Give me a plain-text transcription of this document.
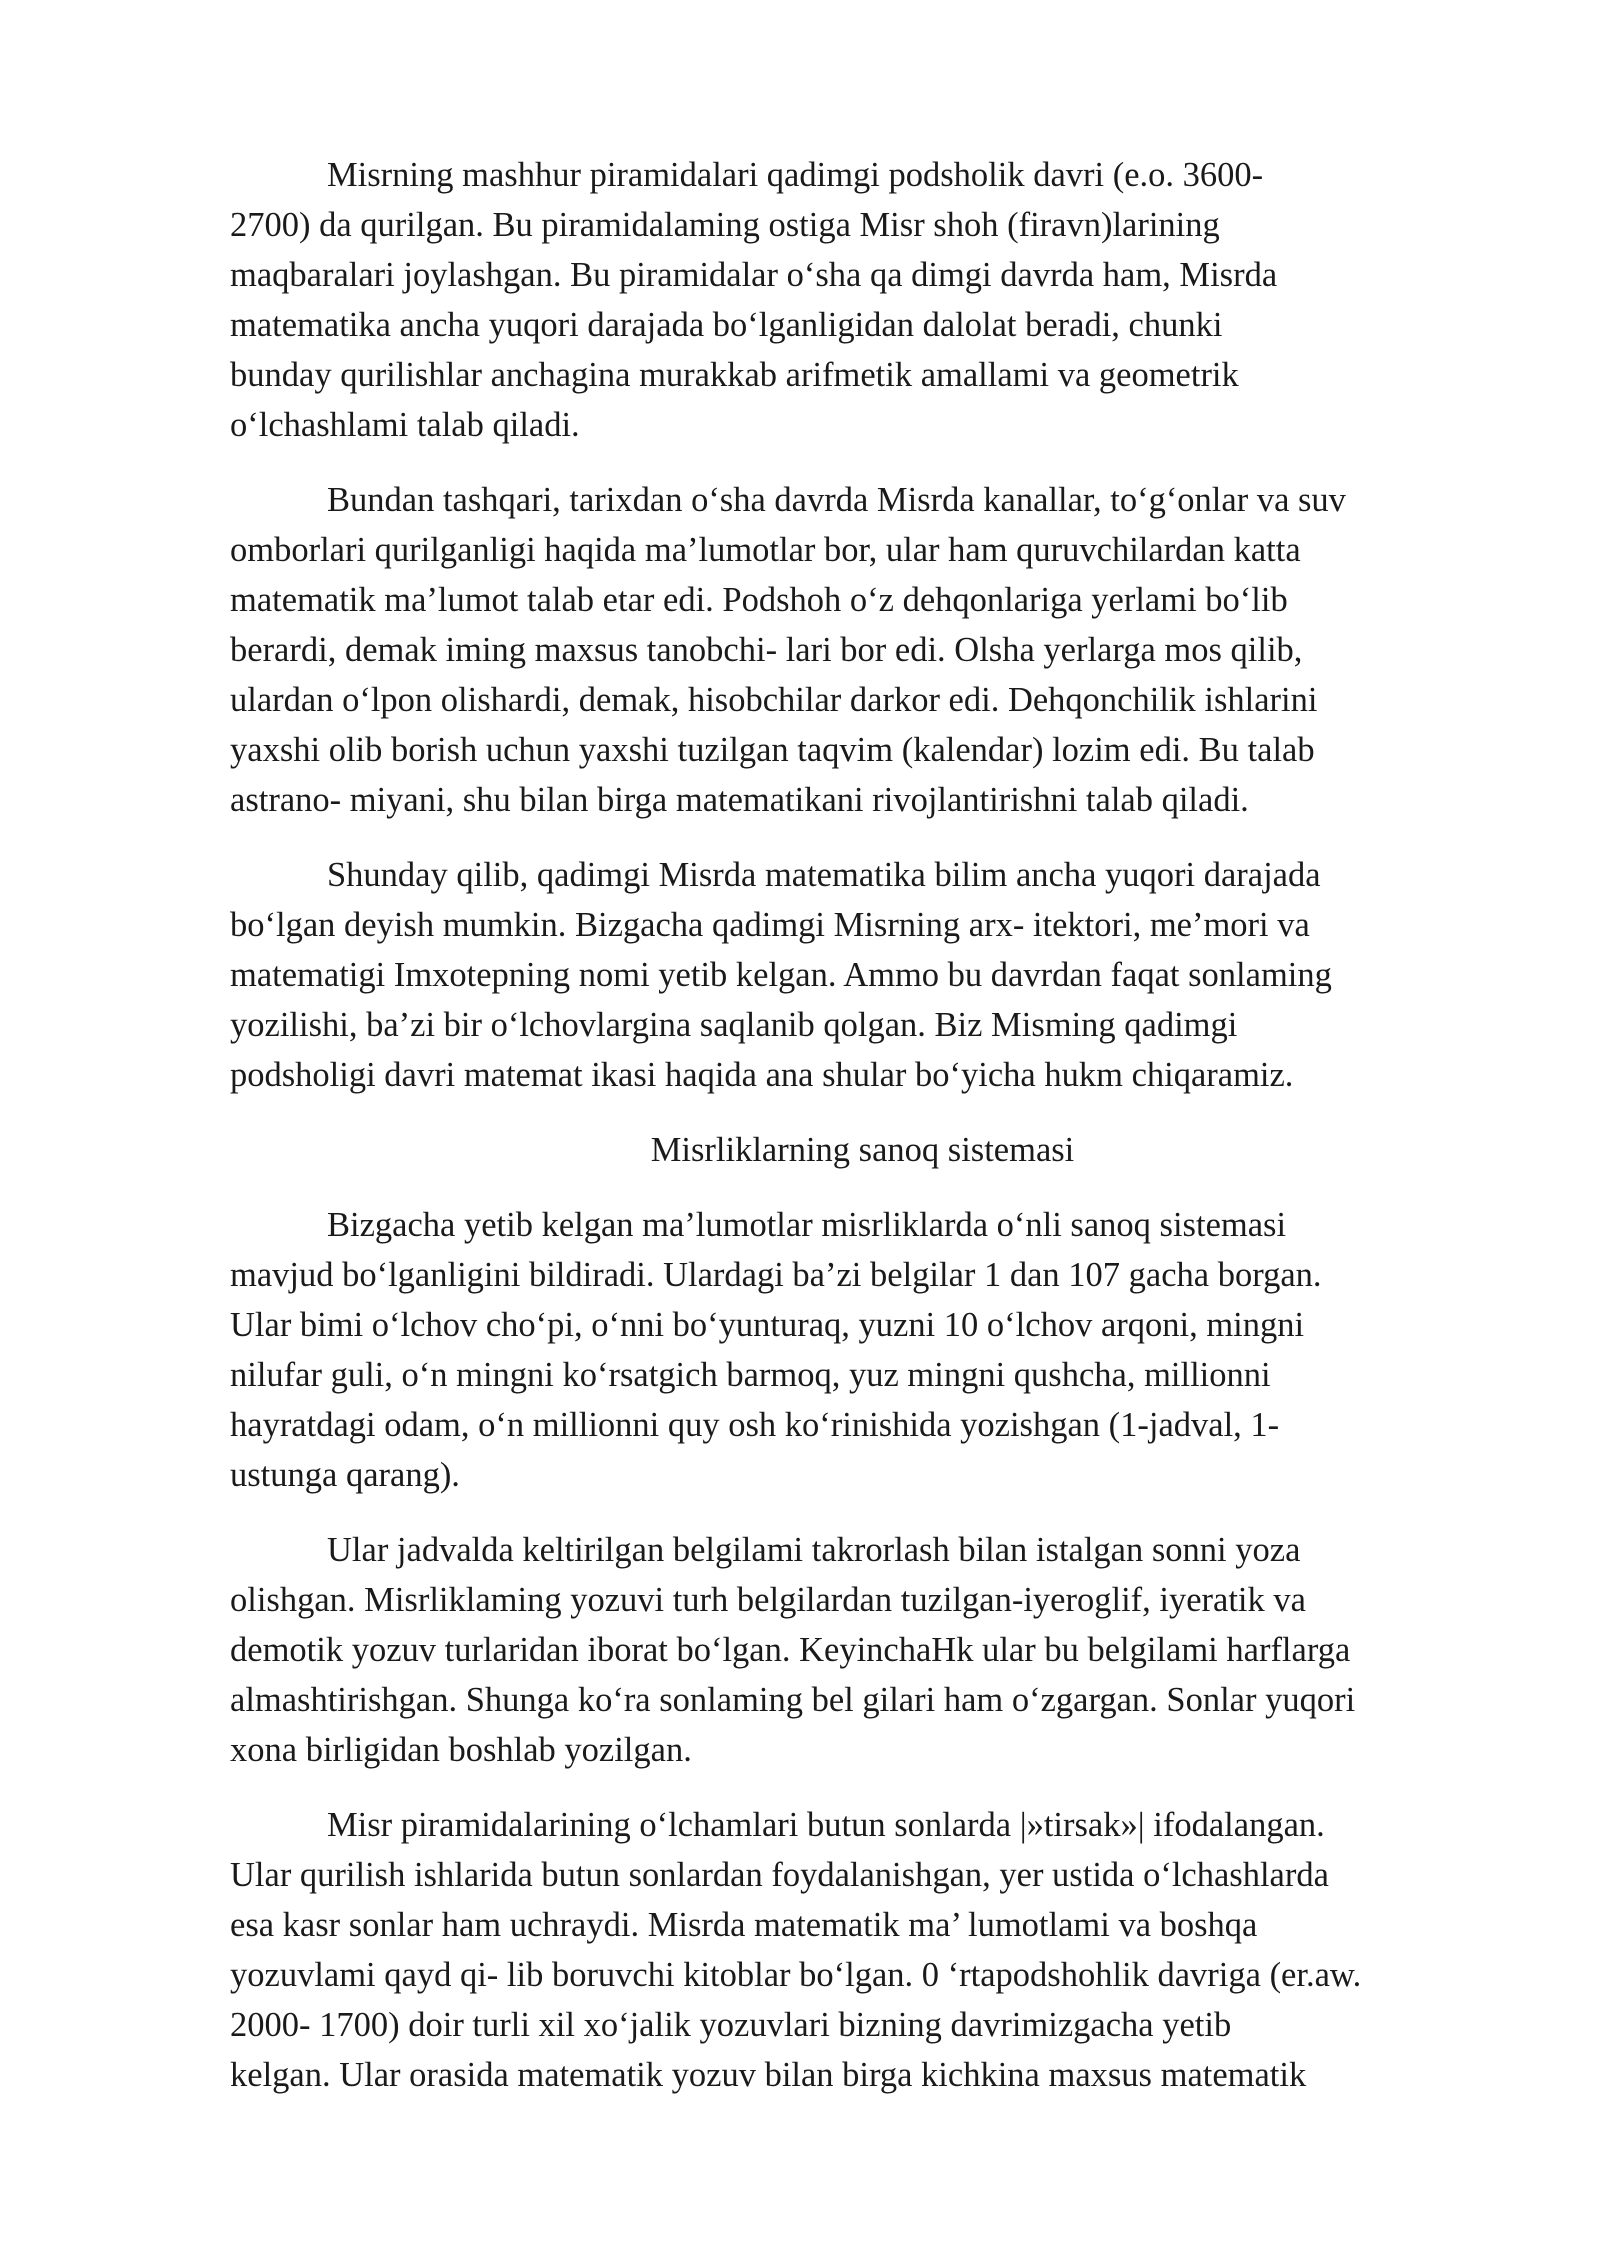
Misrning mashhur piramidalari qadimgi podsholik davri (e.o. 3600-
2700) da qurilgan. Bu piramidalaming ostiga Misr shoh (firavn)larining
maqbaralari joylashgan. Bu piramidalar o‘sha qa dimgi davrda ham, Misrda
matematika ancha yuqori darajada bo‘lganligidan dalolat beradi, chunki
bunday qurilishlar anchagina murakkab arifmetik amallami va geometrik
o‘lchashlami talab qiladi.
Bundan tashqari, tarixdan o‘sha davrda Misrda kanallar, to‘g‘onlar va suv
omborlari qurilganligi haqida ma’lumotlar bor, ular ham quruvchilardan katta
matematik ma’lumot talab etar edi. Podshoh o‘z dehqonlariga yerlami bo‘lib
berardi, demak iming maxsus tanobchi- lari bor edi. Olsha yerlarga mos qilib,
ulardan o‘lpon olishardi, demak, hisobchilar darkor edi. Dehqonchilik ishlarini
yaxshi olib borish uchun yaxshi tuzilgan taqvim (kalendar) lozim edi. Bu talab
astrano- miyani, shu bilan birga matematikani rivojlantirishni talab qiladi.
Shunday qilib, qadimgi Misrda matematika bilim ancha yuqori darajada
bo‘lgan deyish mumkin. Bizgacha qadimgi Misrning arx- itektori, me’mori va
matematigi Imxotepning nomi yetib kelgan. Ammo bu davrdan faqat sonlaming
yozilishi, ba’zi bir o‘lchovlargina saqlanib qolgan. Biz Misming qadimgi
podsholigi davri matemat ikasi haqida ana shular bo‘yicha hukm chiqaramiz.
Misrliklarning sanoq sistemasi
Bizgacha yetib kelgan ma’lumotlar misrliklarda o‘nli sanoq sistemasi
mavjud bo‘lganligini bildiradi. Ulardagi ba’zi belgilar 1 dan 107 gacha borgan.
Ular bimi o‘lchov cho‘pi, o‘nni bo‘yunturaq, yuzni 10 o‘lchov arqoni, mingni
nilufar guli, o‘n mingni ko‘rsatgich barmoq, yuz mingni qushcha, millionni
hayratdagi odam, o‘n millionni quy osh ko‘rinishida yozishgan (1-jadval, 1-
ustunga qarang).
Ular jadvalda keltirilgan belgilami takrorlash bilan istalgan sonni yoza
olishgan. Misrliklaming yozuvi turh belgilardan tuzilgan-iyeroglif, iyeratik va
demotik yozuv turlaridan iborat bo‘lgan. KeyinchaHk ular bu belgilami harflarga
almashtirishgan. Shunga ko‘ra sonlaming bel gilari ham o‘zgargan. Sonlar yuqori
xona birligidan boshlab yozilgan.
Misr piramidalarining o‘lchamlari butun sonlarda |»tirsak»| ifodalangan.
Ular qurilish ishlarida butun sonlardan foydalanishgan, yer ustida o‘lchashlarda
esa kasr sonlar ham uchraydi. Misrda matematik ma’ lumotlami va boshqa
yozuvlami qayd qi- lib boruvchi kitoblar bo‘lgan. 0 ‘rtapodshohlik davriga (er.aw.
2000- 1700) doir turli xil xo‘jalik yozuvlari bizning davrimizgacha yetib
kelgan. Ular orasida matematik yozuv bilan birga kichkina maxsus matematik
